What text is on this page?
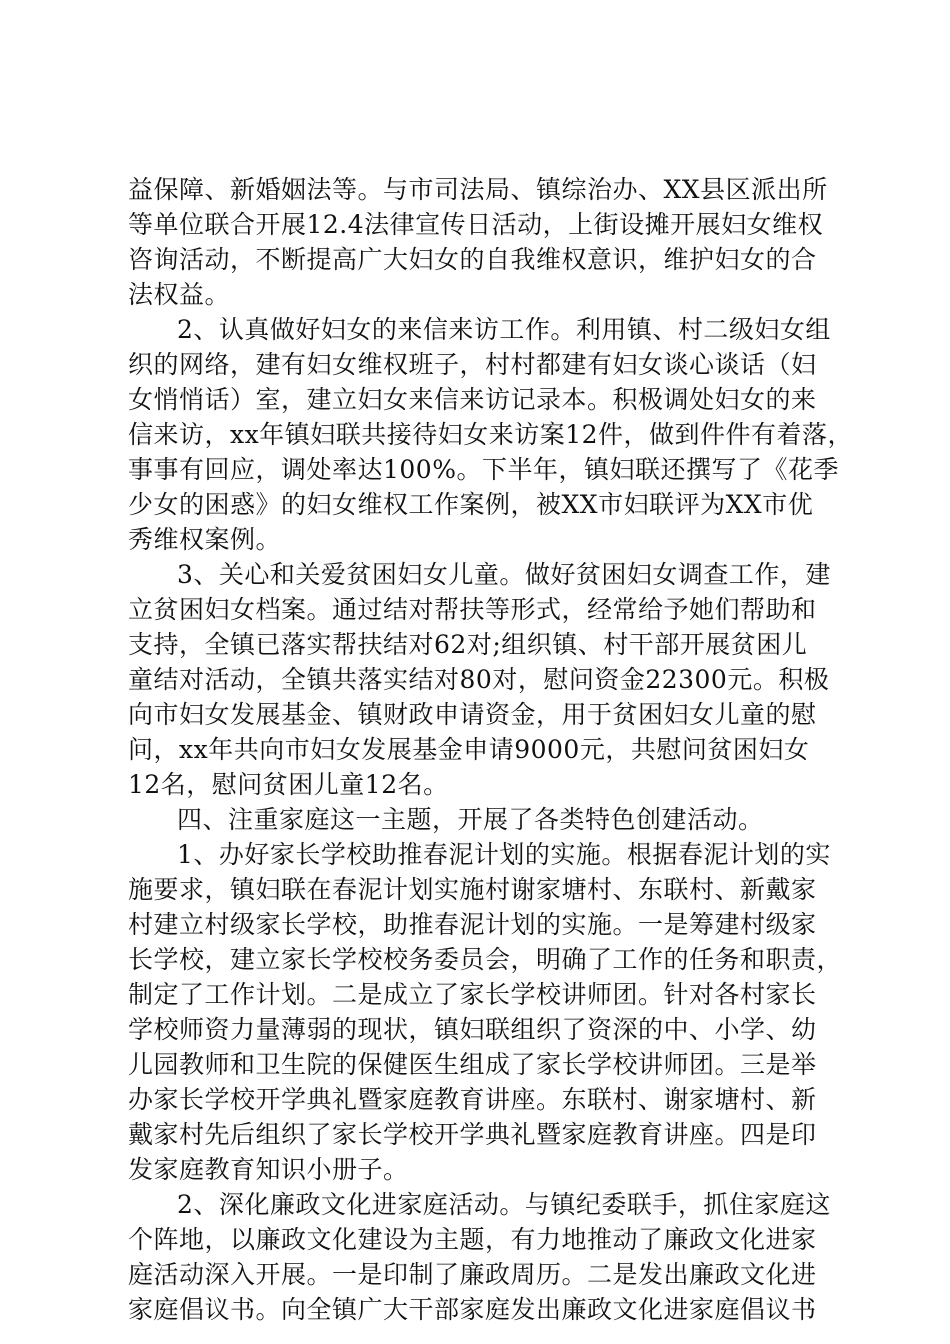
益保障、新婚姻法等。与市司法局、镇综治办、XX县区派出所
等单位联合开展12.4法律宣传日活动，上街设摊开展妇女维权
咨询活动，不断提高广大妇女的自我维权意识，维护妇女的合
法权益。
2、认真做好妇女的来信来访工作。利用镇、村二级妇女组
织的网络，建有妇女维权班子，村村都建有妇女谈心谈话（妇
女悄悄话）室，建立妇女来信来访记录本。积极调处妇女的来
信来访，xx年镇妇联共接待妇女来访案12件，做到件件有着落，
事事有回应，调处率达100%。下半年，镇妇联还撰写了《花季
少女的困惑》的妇女维权工作案例，被XX市妇联评为XX市优
秀维权案例。
3、关心和关爱贫困妇女儿童。做好贫困妇女调查工作，建
立贫困妇女档案。通过结对帮扶等形式，经常给予她们帮助和
支持，全镇已落实帮扶结对62对;组织镇、村干部开展贫困儿
童结对活动，全镇共落实结对80对，慰问资金22300元。积极
向市妇女发展基金、镇财政申请资金，用于贫困妇女儿童的慰
问，xx年共向市妇女发展基金申请9000元，共慰问贫困妇女
12名，慰问贫困儿童12名。
四、注重家庭这一主题，开展了各类特色创建活动。
1、办好家长学校助推春泥计划的实施。根据春泥计划的实
施要求，镇妇联在春泥计划实施村谢家塘村、东联村、新戴家
村建立村级家长学校，助推春泥计划的实施。一是筹建村级家
长学校，建立家长学校校务委员会，明确了工作的任务和职责，
制定了工作计划。二是成立了家长学校讲师团。针对各村家长
学校师资力量薄弱的现状，镇妇联组织了资深的中、小学、幼
儿园教师和卫生院的保健医生组成了家长学校讲师团。三是举
办家长学校开学典礼暨家庭教育讲座。东联村、谢家塘村、新
戴家村先后组织了家长学校开学典礼暨家庭教育讲座。四是印
发家庭教育知识小册子。
2、深化廉政文化进家庭活动。与镇纪委联手，抓住家庭这
个阵地，以廉政文化建设为主题，有力地推动了廉政文化进家
庭活动深入开展。一是印制了廉政周历。二是发出廉政文化进
家庭倡议书。向全镇广大干部家庭发出廉政文化进家庭倡议书
